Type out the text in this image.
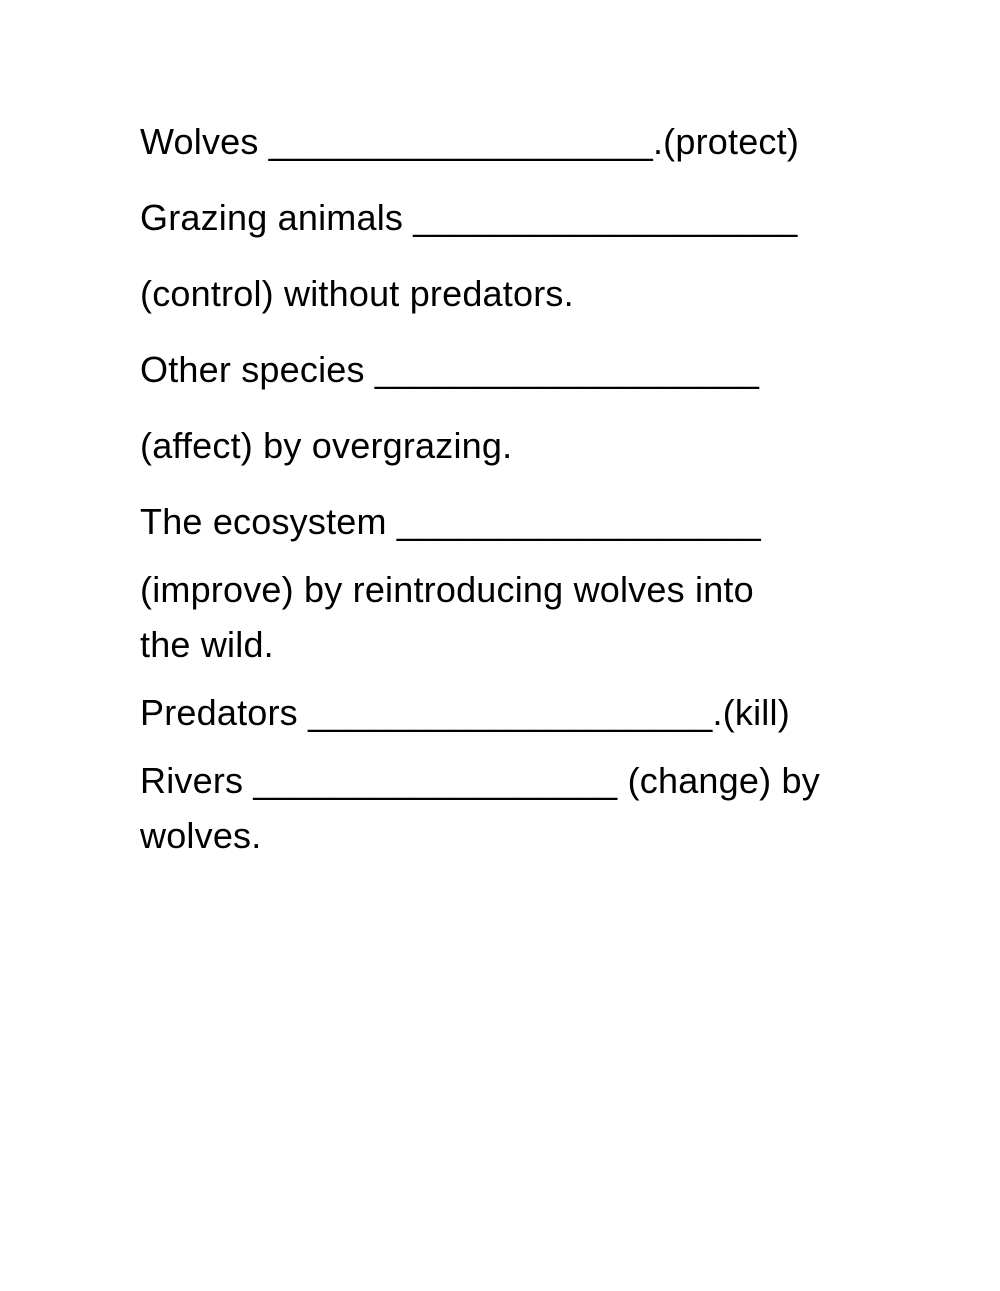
Wolves ___________________.(protect)
Grazing animals ___________________
(control) without predators.
Other species ___________________
(affect) by overgrazing.
The ecosystem __________________
(improve) by reintroducing wolves into
the wild.
Predators ____________________.(kill)
Rivers __________________ (change) by
wolves.
